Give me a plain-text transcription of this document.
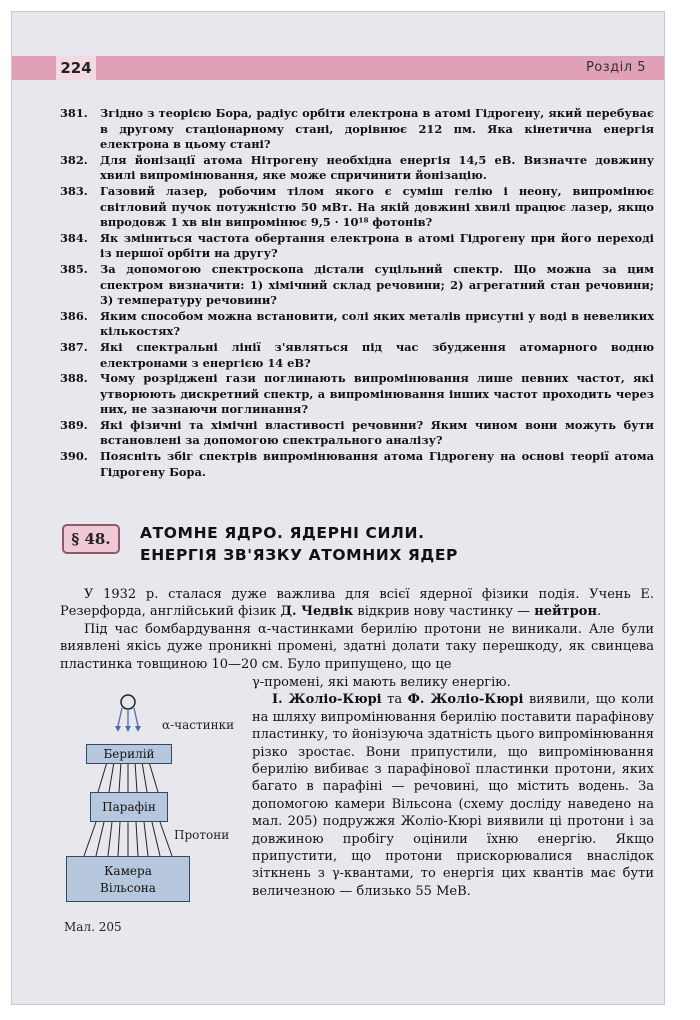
224	Розділ 5
381.	Згідно з теорією Бора, радіус орбіти електрона в атомі Гідрогену, який перебуває в другому стаціонарному стані, дорівнює 212 пм. Яка кінетична енергія електрона в цьому стані?
382.	Для йонізації атома Нітрогену необхідна енергія 14,5 еВ. Визначте довжину хвилі випромінювання, яке може спричинити йонізацію.
383.	Газовий лазер, робочим тілом якого є суміш гелію і неону, випромінює світловий пучок потужністю 50 мВт. На якій довжині хвилі працює лазер, якщо впродовж 1 хв він випромінює 9,5 · 10¹⁸ фотонів?
384.	Як зміниться частота обертання електрона в атомі Гідрогену при його переході із першої орбіти на другу?
385.	За допомогою спектроскопа дістали суцільний спектр. Що можна за цим спектром визначити: 1) хімічний склад речовини; 2) агрегатний стан речовини; 3) температуру речовини?
386.	Яким способом можна встановити, солі яких металів присутні у воді в невеликих кількостях?
387.	Які спектральні лінії з'являться під час збудження атомарного водню електронами з енергією 14 еВ?
388.	Чому розріджені гази поглинають випромінювання лише певних частот, які утворюють дискретний спектр, а випромінювання інших частот проходить через них, не зазнаючи поглинання?
389.	Які фізичні та хімічні властивості речовини? Яким чином вони можуть бути встановлені за допомогою спектрального аналізу?
390.	Поясніть збіг спектрів випромінювання атома Гідрогену на основі теорії атома Гідрогену Бора.
§ 48.	АТОМНЕ ЯДРО. ЯДЕРНІ СИЛИ.
ЕНЕРГІЯ ЗВ'ЯЗКУ АТОМНИХ ЯДЕР

У 1932 р. сталася дуже важлива для всієї ядерної фізики подія. Учень Е. Резерфорда, англійський фізик Д. Чедвік відкрив нову частинку — нейтрон.

Під час бомбардування α-частинками берилію протони не виникали. Але були виявлені якісь дуже проникні промені, здатні долати таку перешкоду, як свинцева пластинка товщиною 10—20 см. Було припущено, що це

γ-промені, які мають велику енергію.

І. Жоліо-Кюрі та Ф. Жоліо-Кюрі виявили, що коли на шляху випромінювання берилію поставити парафінову пластинку, то йонізуюча здатність цього випромінювання різко зростає. Вони припустили, що випромінювання берилію вибиває з парафінової пластинки протони, яких багато в парафіні — речовині, що містить водень. За допомогою камери Вільсона (схему досліду наведено на мал. 205) подружжя Жоліо-Кюрі виявили ці протони і за довжиною пробігу оцінили їхню енергію. Якщо припустити, що протони прискорювалися внаслідок зіткнень з γ-квантами, то енергія цих квантів має бути величезною — близько 55 МеВ.

α-частинки
Берилій
Парафін
Протони
Камера
Вільсона
Мал. 205
